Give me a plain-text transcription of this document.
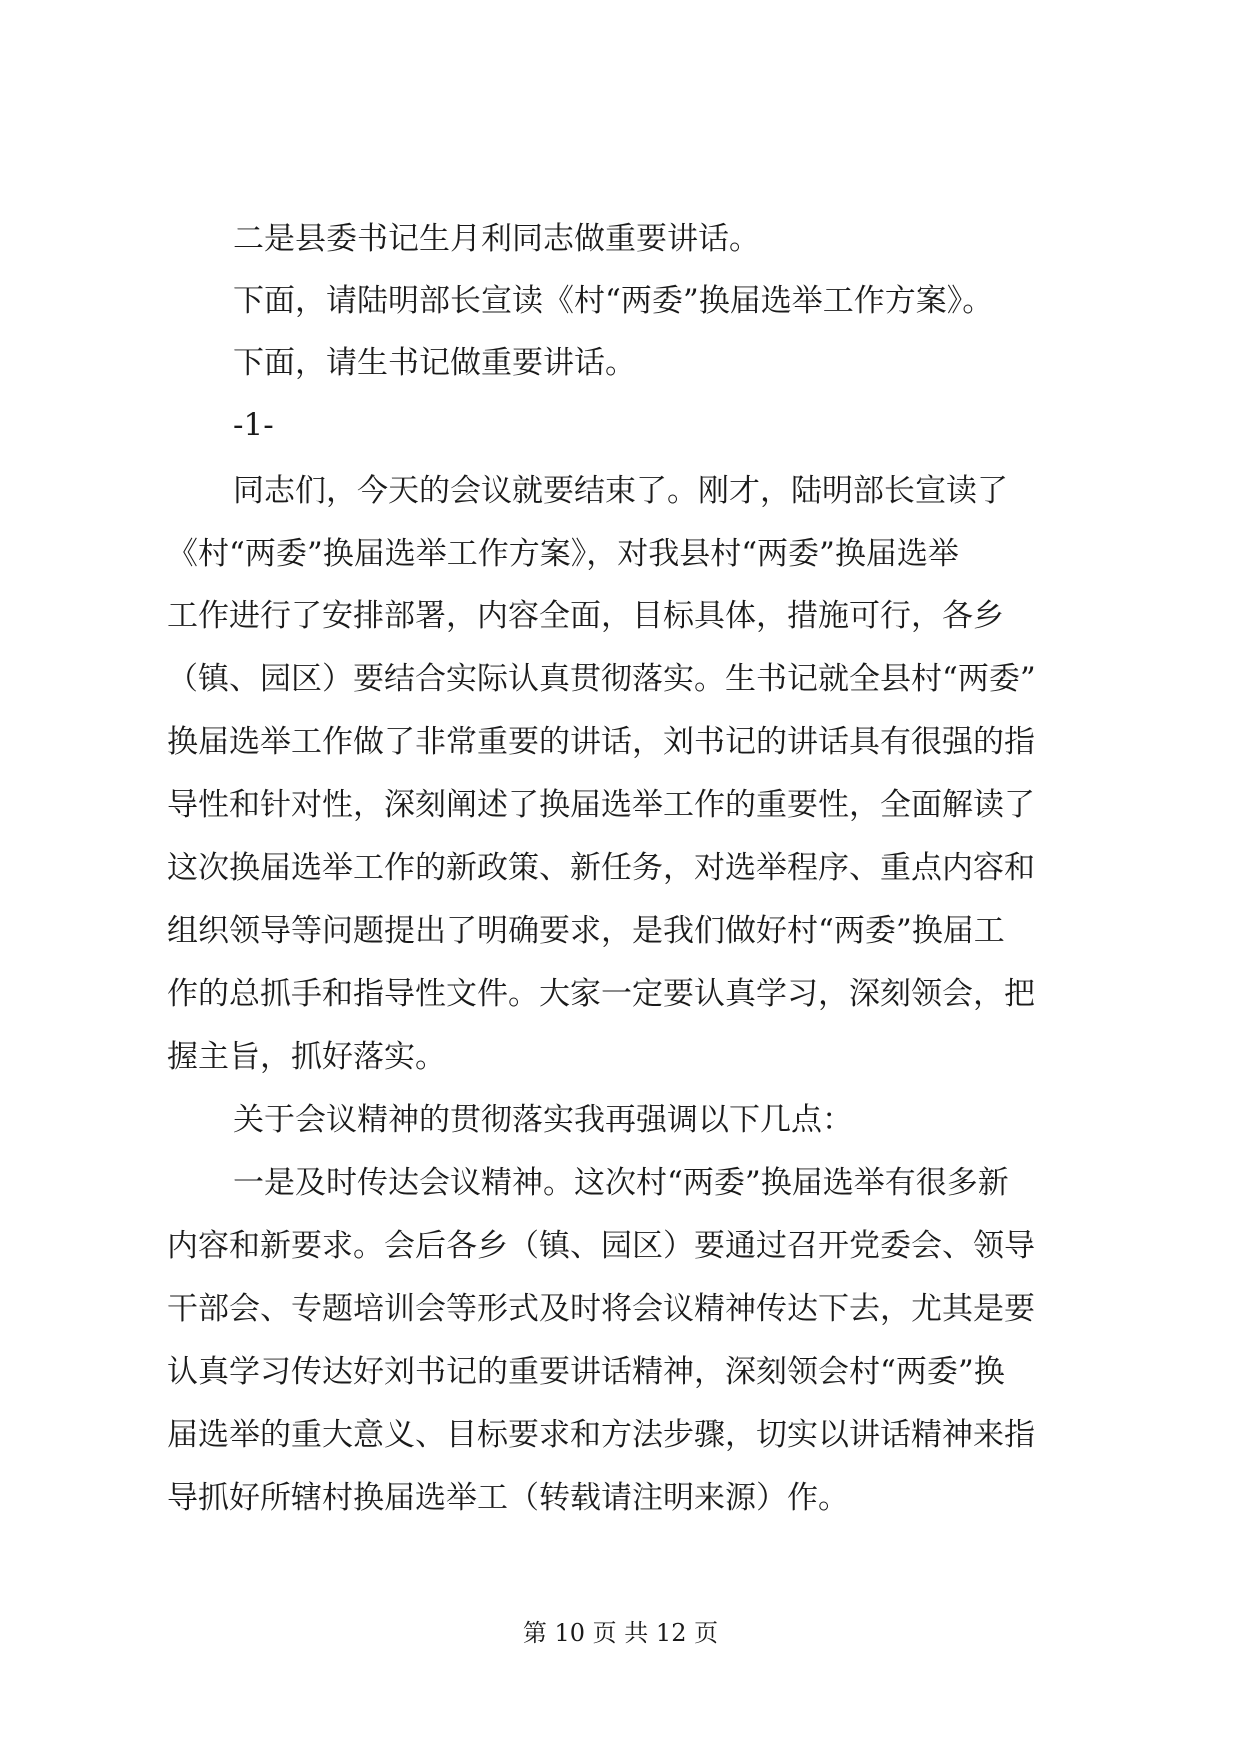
二是县委书记生月利同志做重要讲话。
下面，请陆明部长宣读《村“两委”换届选举工作方案》。
下面，请生书记做重要讲话。
-1-
同志们，今天的会议就要结束了。刚才，陆明部长宣读了
《村“两委”换届选举工作方案》，对我县村“两委”换届选举
工作进行了安排部署，内容全面，目标具体，措施可行，各乡
（镇、园区）要结合实际认真贯彻落实。生书记就全县村“两委”
换届选举工作做了非常重要的讲话，刘书记的讲话具有很强的指
导性和针对性，深刻阐述了换届选举工作的重要性，全面解读了
这次换届选举工作的新政策、新任务，对选举程序、重点内容和
组织领导等问题提出了明确要求，是我们做好村“两委”换届工
作的总抓手和指导性文件。大家一定要认真学习，深刻领会，把
握主旨，抓好落实。
关于会议精神的贯彻落实我再强调以下几点：
一是及时传达会议精神。这次村“两委”换届选举有很多新
内容和新要求。会后各乡（镇、园区）要通过召开党委会、领导
干部会、专题培训会等形式及时将会议精神传达下去，尤其是要
认真学习传达好刘书记的重要讲话精神，深刻领会村“两委”换
届选举的重大意义、目标要求和方法步骤，切实以讲话精神来指
导抓好所辖村换届选举工（转载请注明来源）作。
第 10 页 共 12 页
